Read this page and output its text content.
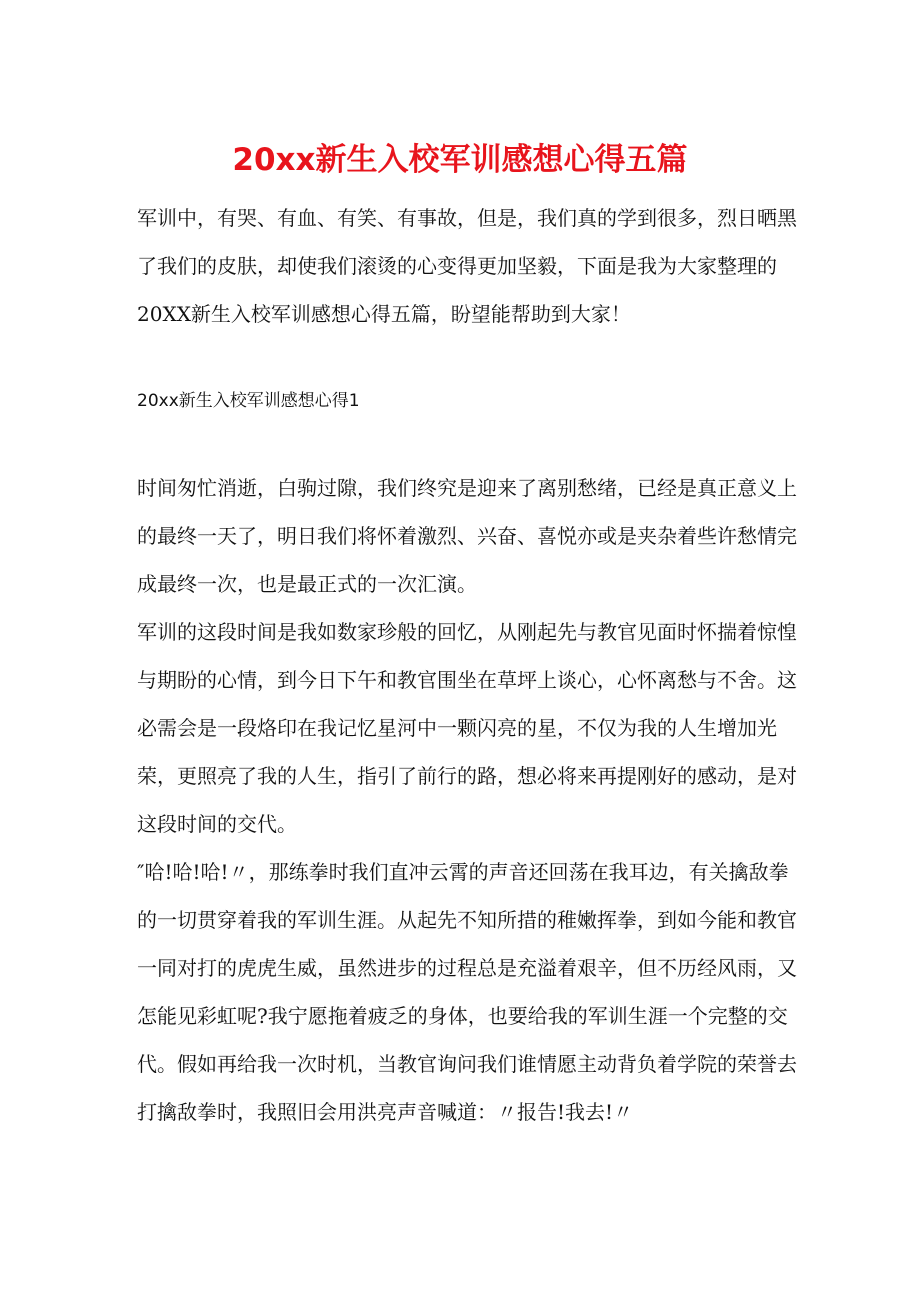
20xx新生入校军训感想心得五篇

军训中，有哭、有血、有笑、有事故，但是，我们真的学到很多，烈日晒黑了我们的皮肤，却使我们滚烫的心变得更加坚毅，下面是我为大家整理的20XX新生入校军训感想心得五篇，盼望能帮助到大家！

20xx新生入校军训感想心得1

时间匆忙消逝，白驹过隙，我们终究是迎来了离别愁绪，已经是真正意义上的最终一天了，明日我们将怀着激烈、兴奋、喜悦亦或是夹杂着些许愁情完成最终一次，也是最正式的一次汇演。

军训的这段时间是我如数家珍般的回忆，从刚起先与教官见面时怀揣着惊惶与期盼的心情，到今日下午和教官围坐在草坪上谈心，心怀离愁与不舍。这必需会是一段烙印在我记忆星河中一颗闪亮的星，不仅为我的人生增加光荣，更照亮了我的人生，指引了前行的路，想必将来再提刚好的感动，是对这段时间的交代。

″哈!哈!哈!〃，那练拳时我们直冲云霄的声音还回荡在我耳边，有关擒敌拳的一切贯穿着我的军训生涯。从起先不知所措的稚嫩挥拳，到如今能和教官一同对打的虎虎生威，虽然进步的过程总是充溢着艰辛，但不历经风雨，又怎能见彩虹呢?我宁愿拖着疲乏的身体，也要给我的军训生涯一个完整的交代。假如再给我一次时机，当教官询问我们谁情愿主动背负着学院的荣誉去打擒敌拳时，我照旧会用洪亮声音喊道：〃报告!我去!〃
